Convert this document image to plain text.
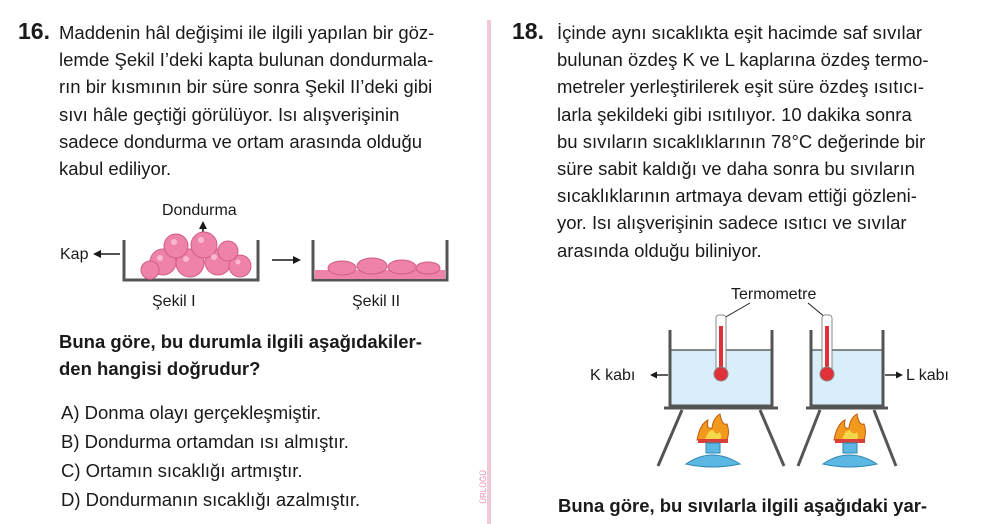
16. Maddenin hâl değişimi ile ilgili yapılan bir göz-
lemde Şekil I’deki kapta bulunan dondurmala-
rın bir kısmının bir süre sonra Şekil II’deki gibi
sıvı hâle geçtiği görülüyor. Isı alışverişinin
sadece dondurma ve ortam arasında olduğu
kabul ediliyor.
Dondurma
Kap
Şekil I	Şekil II
Buna göre, bu durumla ilgili aşağıdakiler-
den hangisi doğrudur?
A) Donma olayı gerçekleşmiştir.
B) Dondurma ortamdan ısı almıştır.
C) Ortamın sıcaklığı artmıştır.
D) Dondurmanın sıcaklığı azalmıştır.	ÜRLÜĞÜ
18. İçinde aynı sıcaklıkta eşit hacimde saf sıvılar
bulunan özdeş K ve L kaplarına özdeş termo-
metreler yerleştirilerek eşit süre özdeş ısıtıcı-
larla şekildeki gibi ısıtılıyor. 10 dakika sonra
bu sıvıların sıcaklıklarının 78°C değerinde bir
süre sabit kaldığı ve daha sonra bu sıvıların
sıcaklıklarının artmaya devam ettiği gözleni-
yor. Isı alışverişinin sadece ısıtıcı ve sıvılar
arasında olduğu biliniyor.
Termometre
K kabı	L kabı
Buna göre, bu sıvılarla ilgili aşağıdaki yar-
